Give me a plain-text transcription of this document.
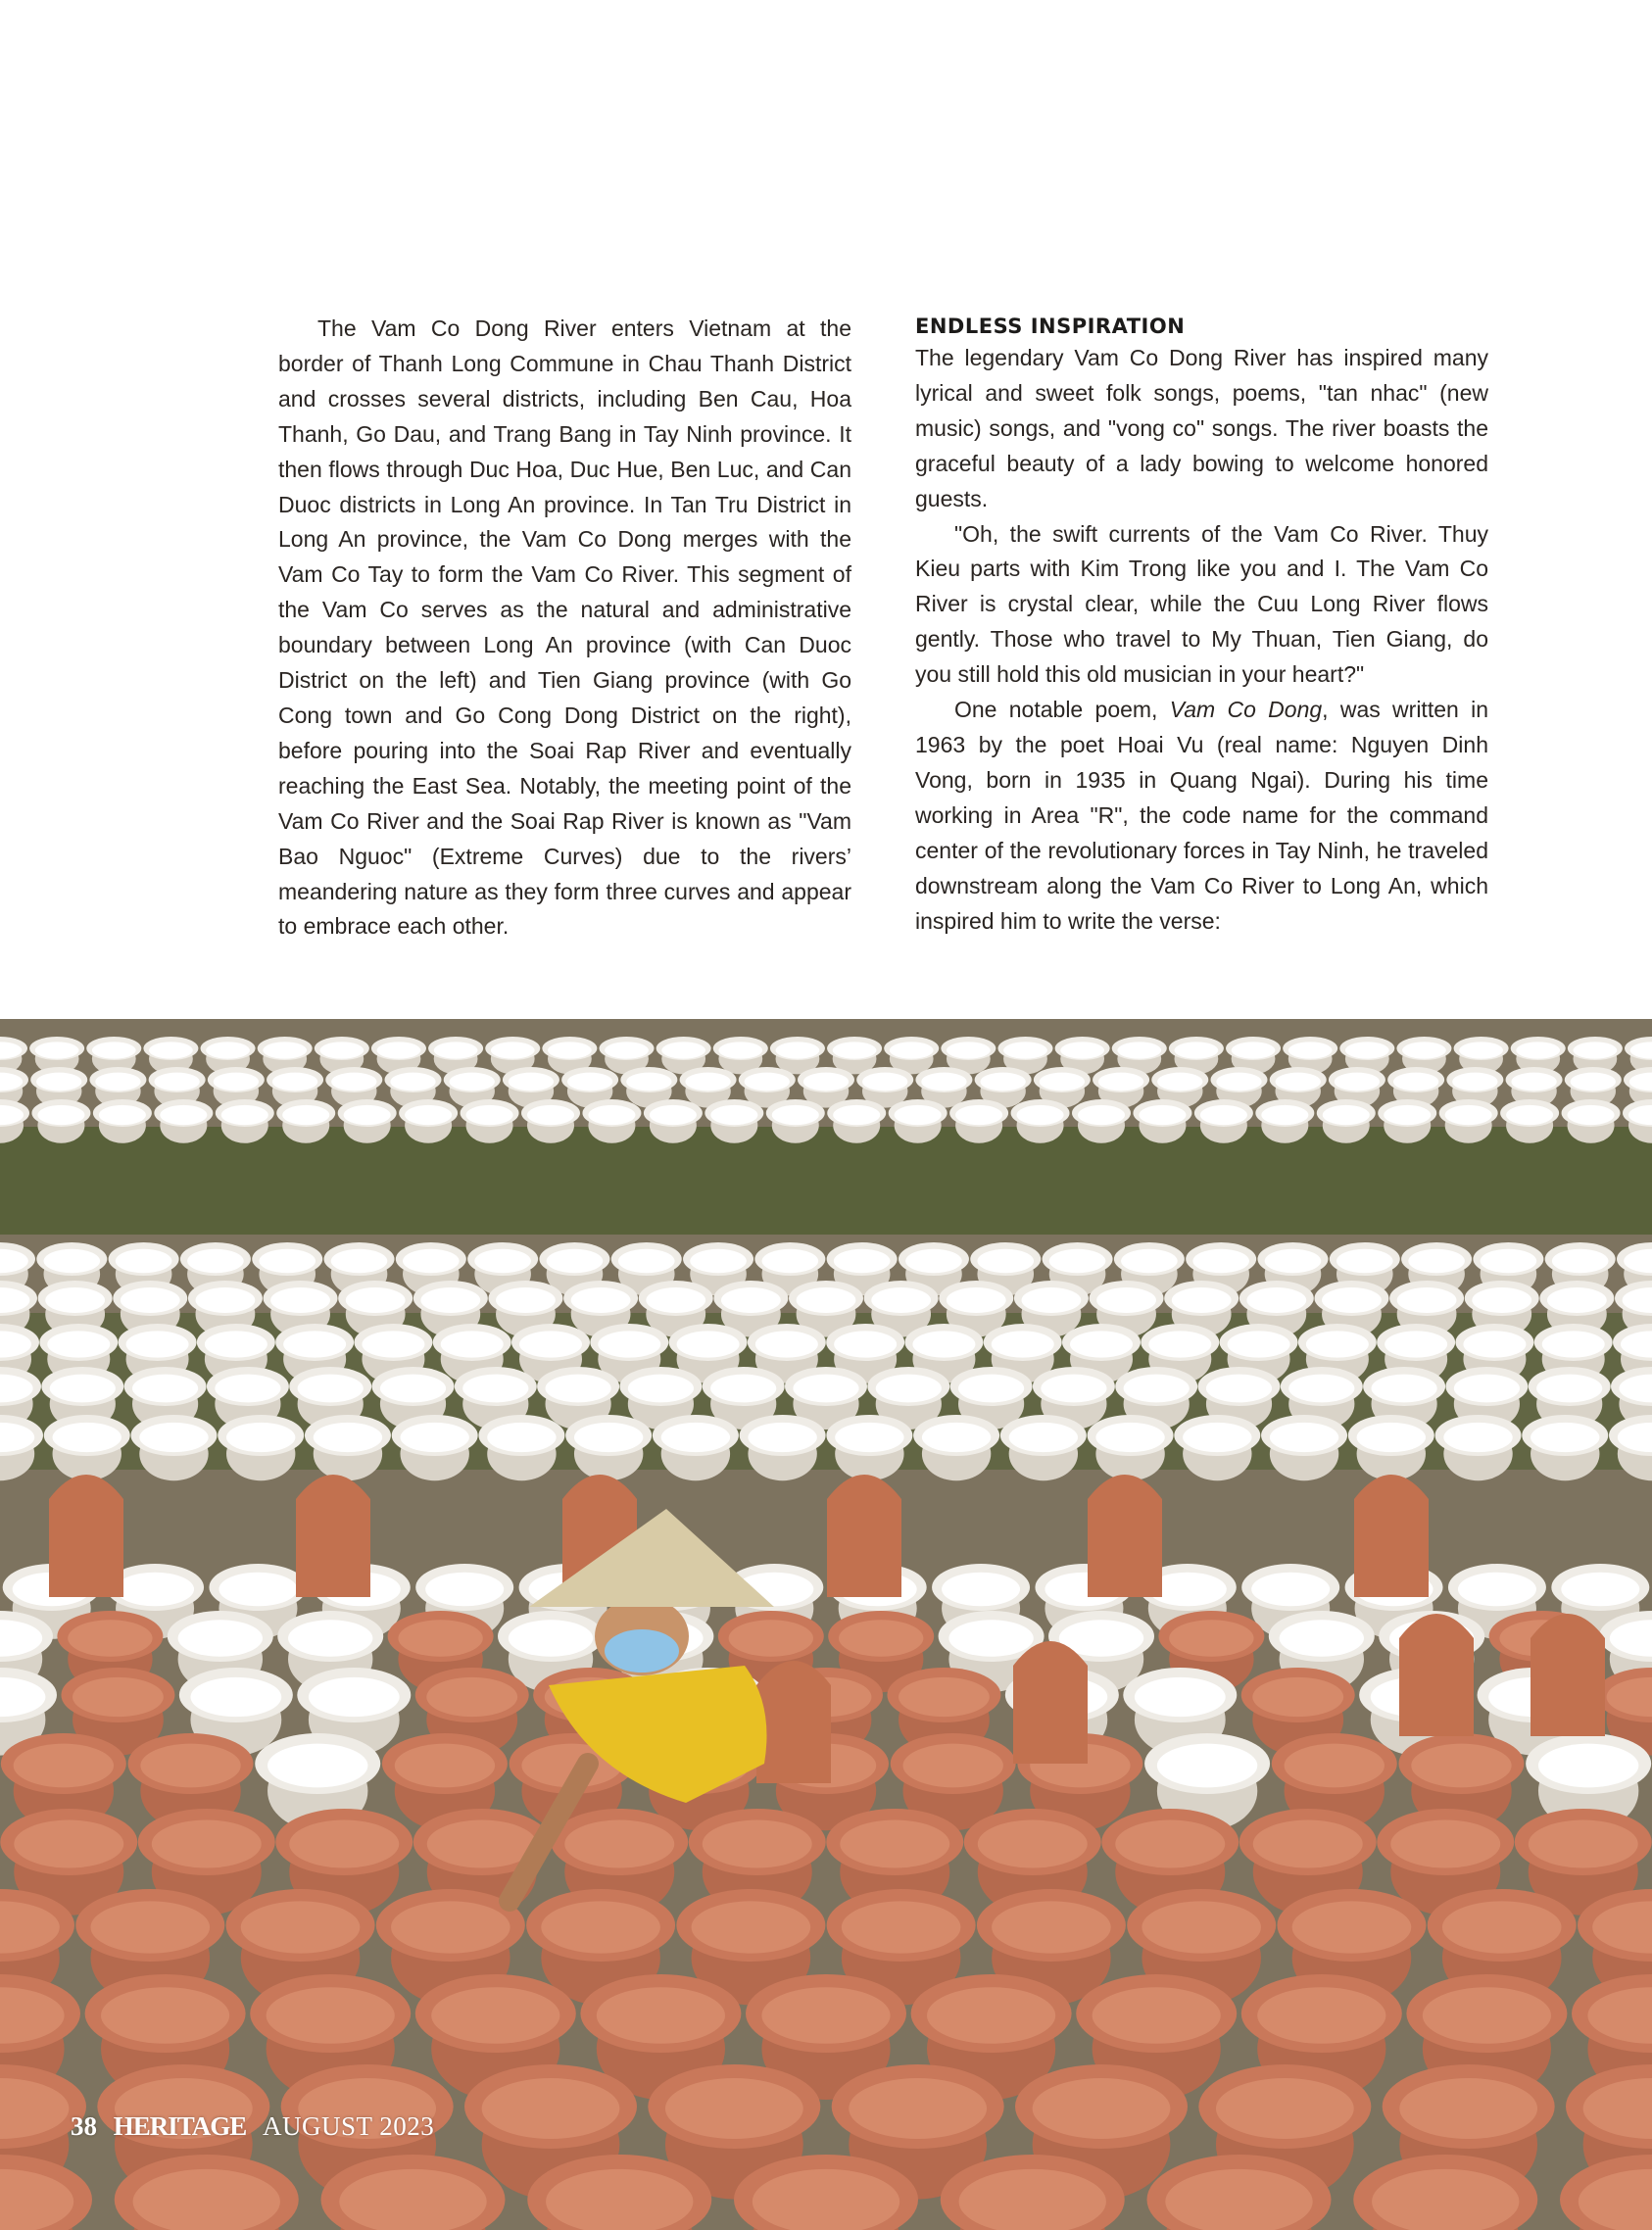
The Vam Co Dong River enters Vietnam at the border of Thanh Long Commune in Chau Thanh District and crosses several districts, including Ben Cau, Hoa Thanh, Go Dau, and Trang Bang in Tay Ninh province. It then flows through Duc Hoa, Duc Hue, Ben Luc, and Can Duoc districts in Long An province. In Tan Tru District in Long An province, the Vam Co Dong merges with the Vam Co Tay to form the Vam Co River. This segment of the Vam Co serves as the natural and administrative boundary between Long An province (with Can Duoc District on the left) and Tien Giang province (with Go Cong town and Go Cong Dong District on the right), before pouring into the Soai Rap River and eventually reaching the East Sea. Notably, the meeting point of the Vam Co River and the Soai Rap River is known as "Vam Bao Nguoc" (Extreme Curves) due to the rivers’ meandering nature as they form three curves and appear to embrace each other.

ENDLESS INSPIRATION

The legendary Vam Co Dong River has inspired many lyrical and sweet folk songs, poems, "tan nhac" (new music) songs, and "vong co" songs. The river boasts the graceful beauty of a lady bowing to welcome honored guests.

"Oh, the swift currents of the Vam Co River. Thuy Kieu parts with Kim Trong like you and I. The Vam Co River is crystal clear, while the Cuu Long River flows gently. Those who travel to My Thuan, Tien Giang, do you still hold this old musician in your heart?"

One notable poem, Vam Co Dong, was written in 1963 by the poet Hoai Vu (real name: Nguyen Dinh Vong, born in 1935 in Quang Ngai). During his time working in Area "R", the code name for the command center of the revolutionary forces in Tay Ninh, he traveled downstream along the Vam Co River to Long An, which inspired him to write the verse:

38 HERITAGE AUGUST 2023
